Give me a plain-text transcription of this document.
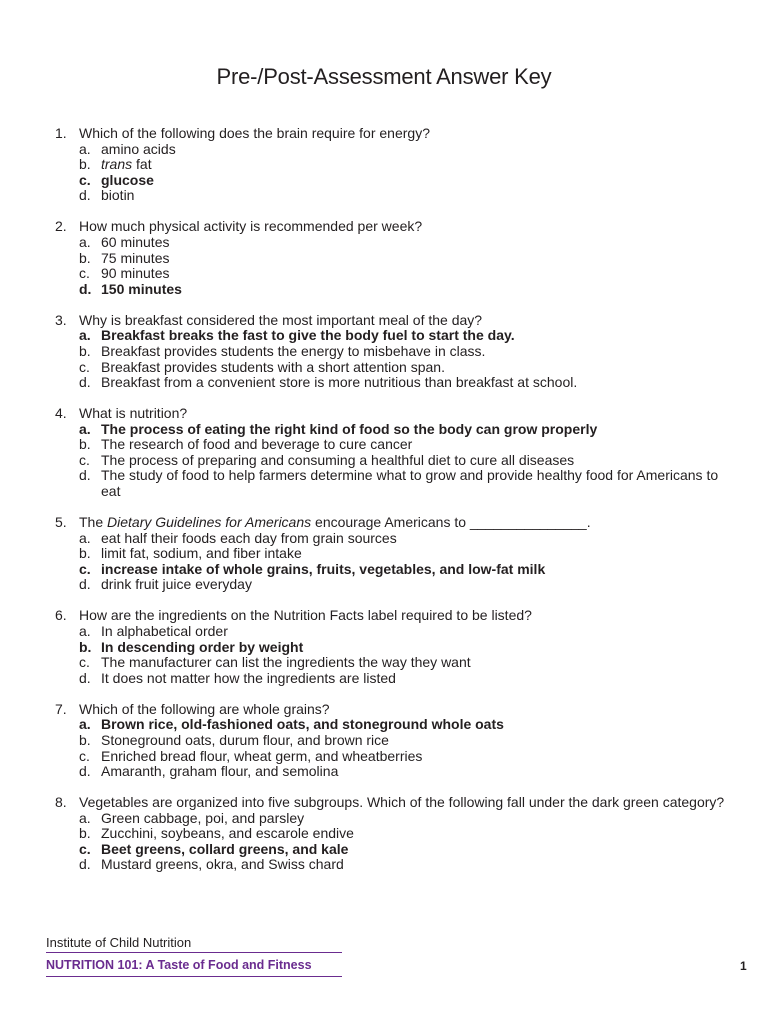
Pre-/Post-Assessment Answer Key
1. Which of the following does the brain require for energy?
a. amino acids
b. trans fat
c. glucose
d. biotin
2. How much physical activity is recommended per week?
a. 60 minutes
b. 75 minutes
c. 90 minutes
d. 150 minutes
3. Why is breakfast considered the most important meal of the day?
a. Breakfast breaks the fast to give the body fuel to start the day.
b. Breakfast provides students the energy to misbehave in class.
c. Breakfast provides students with a short attention span.
d. Breakfast from a convenient store is more nutritious than breakfast at school.
4. What is nutrition?
a. The process of eating the right kind of food so the body can grow properly
b. The research of food and beverage to cure cancer
c. The process of preparing and consuming a healthful diet to cure all diseases
d. The study of food to help farmers determine what to grow and provide healthy food for Americans to eat
5. The Dietary Guidelines for Americans encourage Americans to _______________.
a. eat half their foods each day from grain sources
b. limit fat, sodium, and fiber intake
c. increase intake of whole grains, fruits, vegetables, and low-fat milk
d. drink fruit juice everyday
6. How are the ingredients on the Nutrition Facts label required to be listed?
a. In alphabetical order
b. In descending order by weight
c. The manufacturer can list the ingredients the way they want
d. It does not matter how the ingredients are listed
7. Which of the following are whole grains?
a. Brown rice, old-fashioned oats, and stoneground whole oats
b. Stoneground oats, durum flour, and brown rice
c. Enriched bread flour, wheat germ, and wheatberries
d. Amaranth, graham flour, and semolina
8. Vegetables are organized into five subgroups. Which of the following fall under the dark green category?
a. Green cabbage, poi, and parsley
b. Zucchini, soybeans, and escarole endive
c. Beet greens, collard greens, and kale
d. Mustard greens, okra, and Swiss chard
Institute of Child Nutrition
NUTRITION 101: A Taste of Food and Fitness	1
